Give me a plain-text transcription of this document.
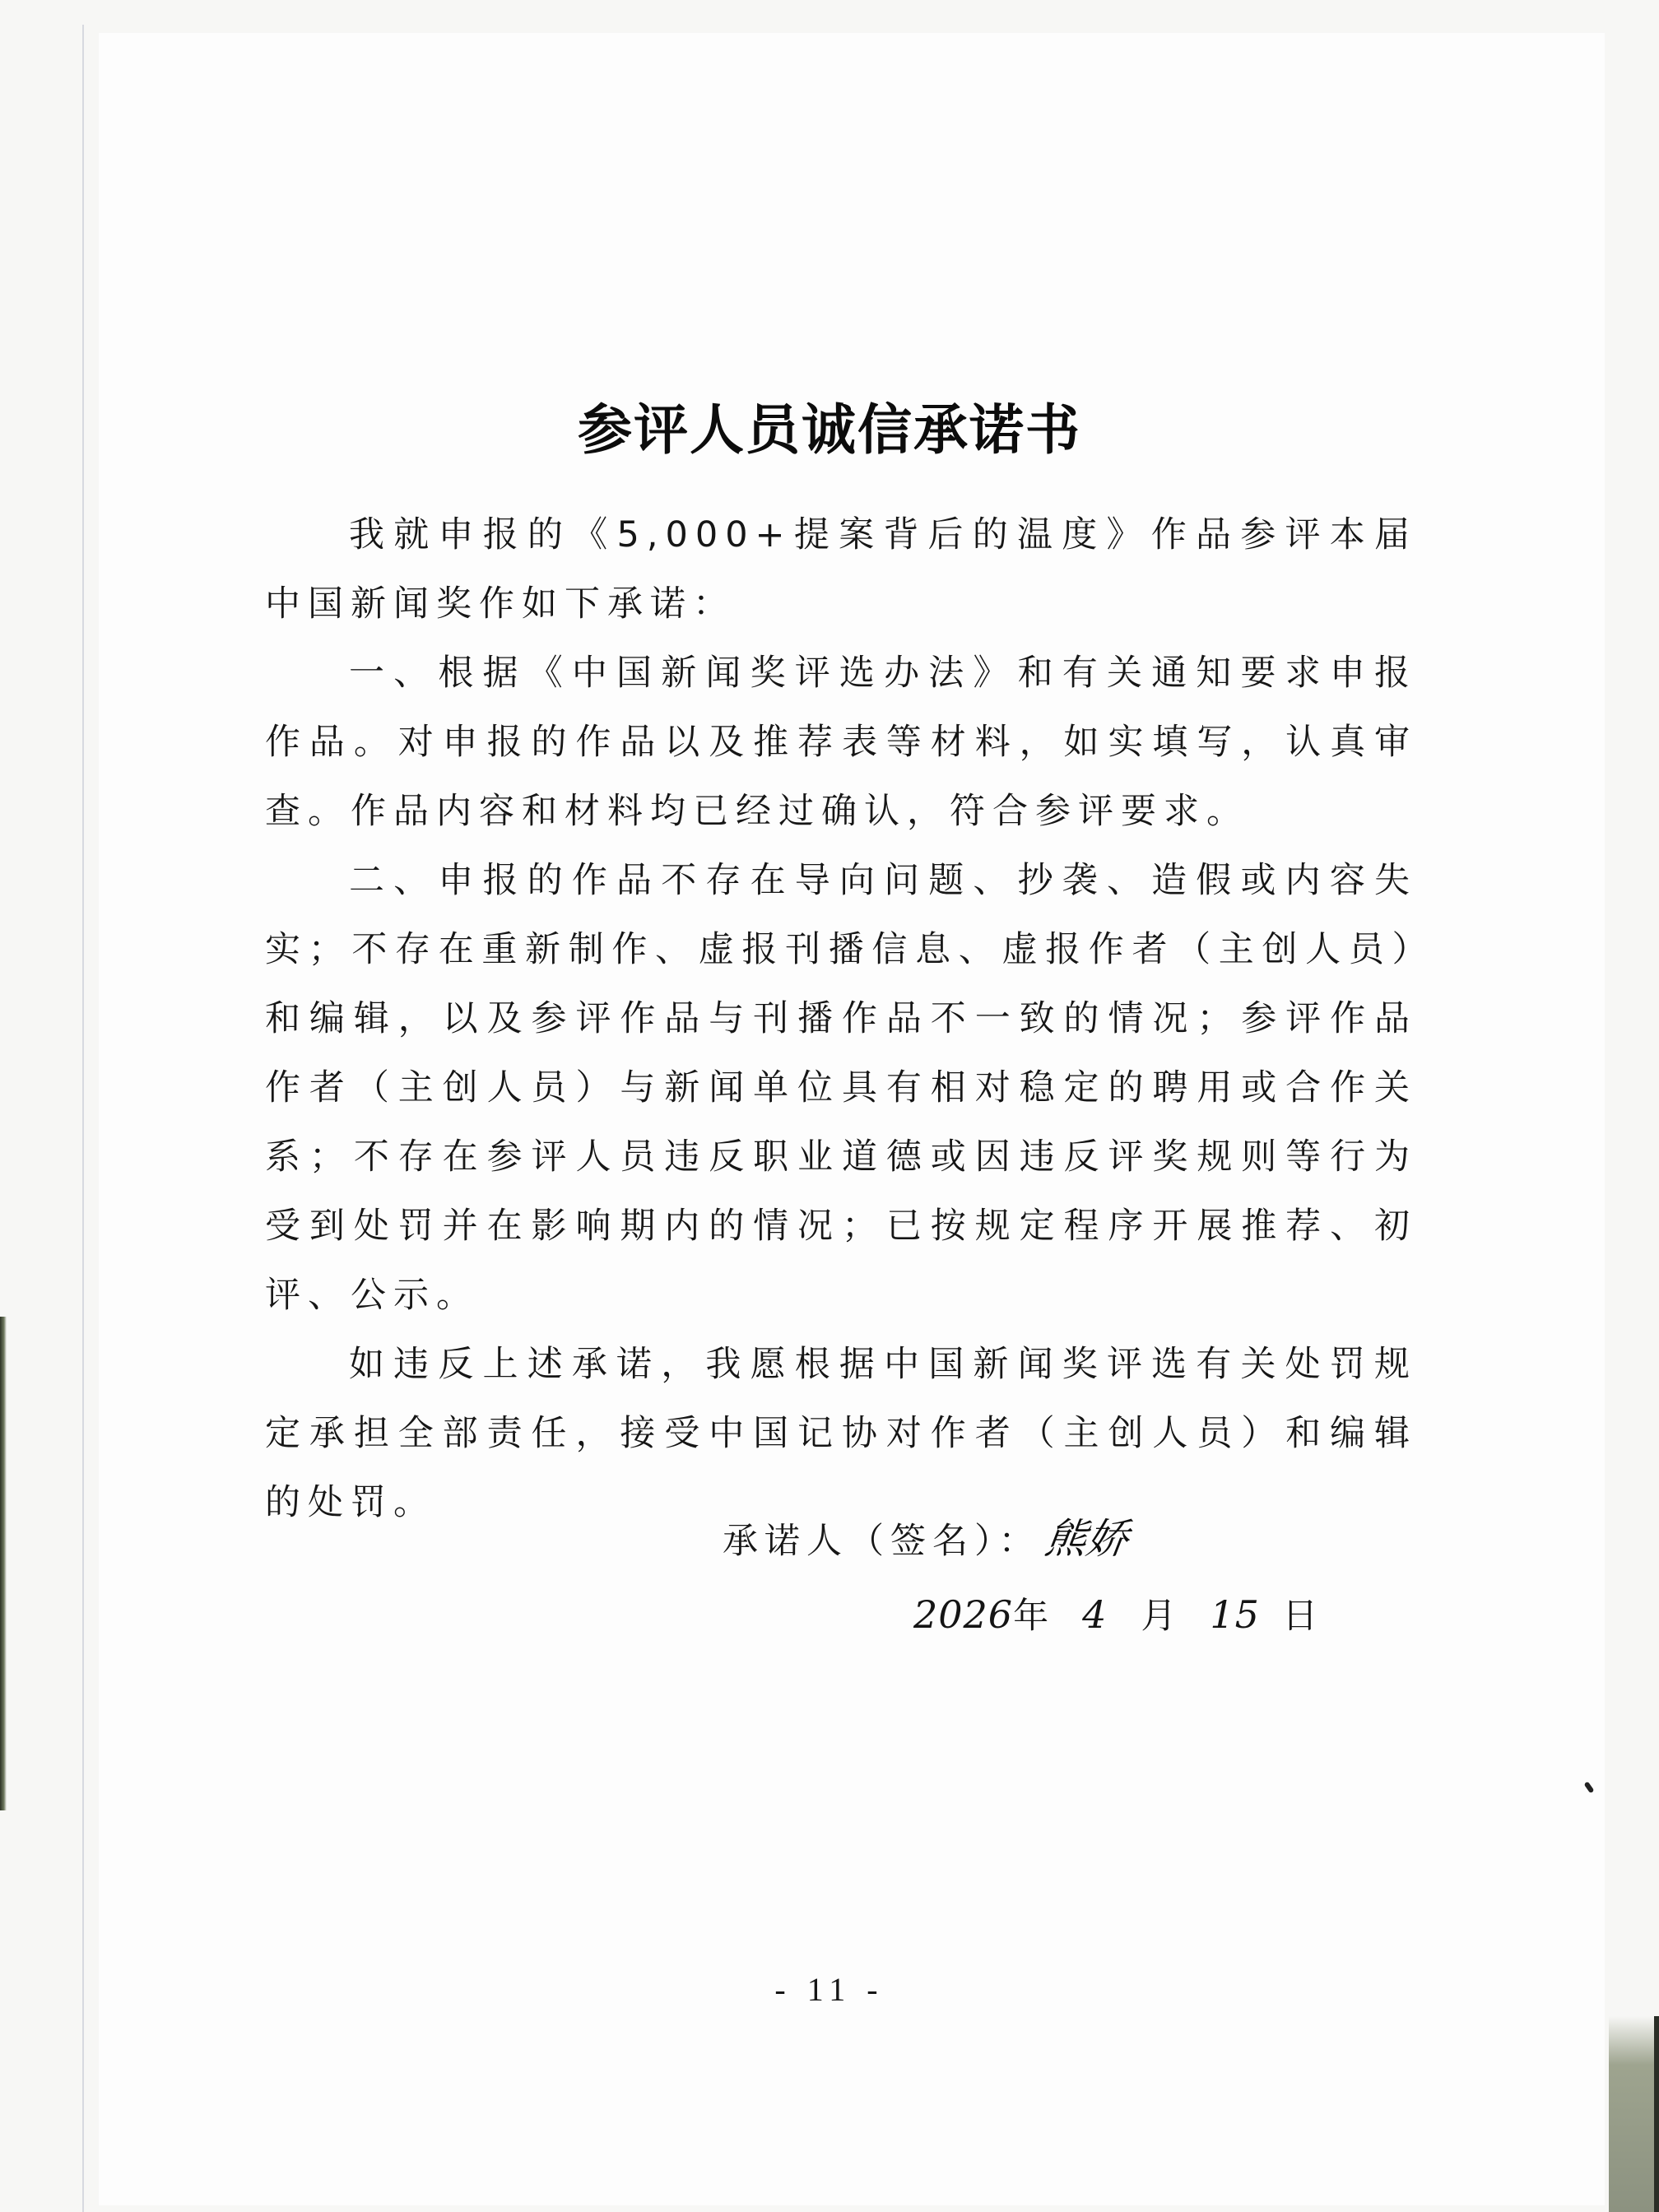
参评人员诚信承诺书

我就申报的《5,000+提案背后的温度》作品参评本届中国新闻奖作如下承诺：

一、根据《中国新闻奖评选办法》和有关通知要求申报作品。对申报的作品以及推荐表等材料，如实填写，认真审查。作品内容和材料均已经过确认，符合参评要求。

二、申报的作品不存在导向问题、抄袭、造假或内容失实；不存在重新制作、虚报刊播信息、虚报作者（主创人员）和编辑，以及参评作品与刊播作品不一致的情况；参评作品作者（主创人员）与新闻单位具有相对稳定的聘用或合作关系；不存在参评人员违反职业道德或因违反评奖规则等行为受到处罚并在影响期内的情况；已按规定程序开展推荐、初评、公示。

如违反上述承诺，我愿根据中国新闻奖评选有关处罚规定承担全部责任，接受中国记协对作者（主创人员）和编辑的处罚。

承诺人（签名）：熊娇
2026年 4 月 15 日
- 11 -
